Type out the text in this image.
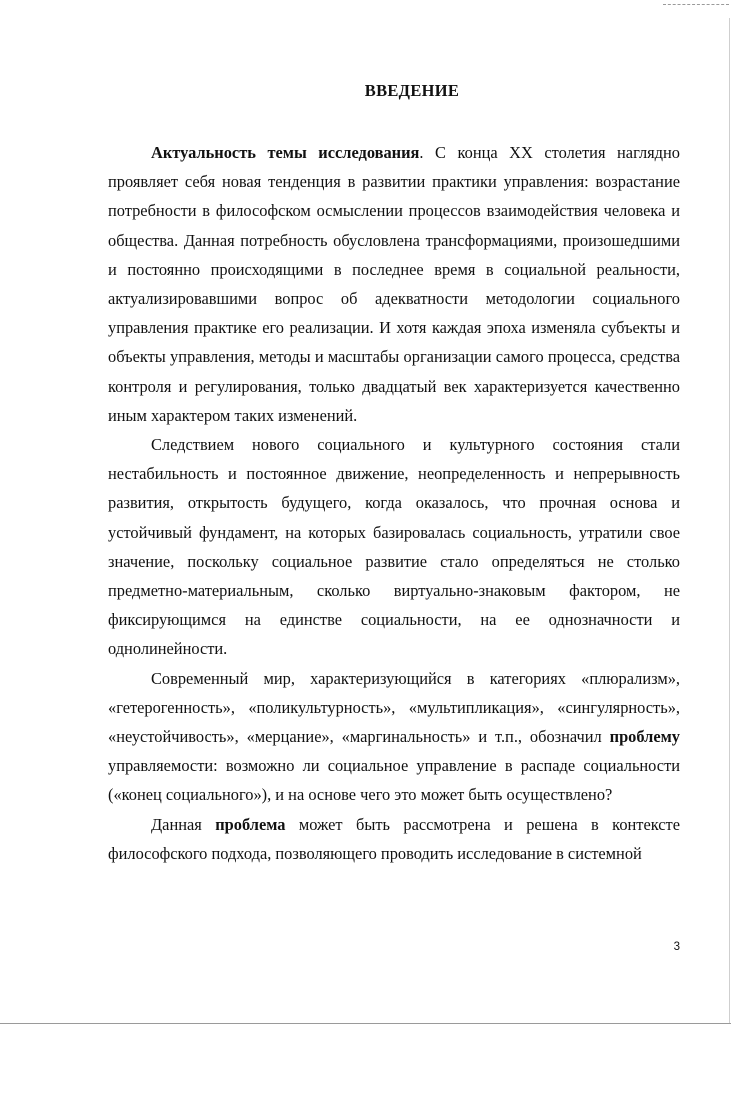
ВВЕДЕНИЕ

Актуальность темы исследования. С конца XX столетия наглядно проявляет себя новая тенденция в развитии практики управления: возрастание потребности в философском осмыслении процессов взаимодействия человека и общества. Данная потребность обусловлена трансформациями, произошедшими и постоянно происходящими в последнее время в социальной реальности, актуализировавшими вопрос об адекватности методологии социального управления практике его реализации. И хотя каждая эпоха изменяла субъекты и объекты управления, методы и масштабы организации самого процесса, средства контроля и регулирования, только двадцатый век характеризуется качественно иным характером таких изменений.

Следствием нового социального и культурного состояния стали нестабильность и постоянное движение, неопределенность и непрерывность развития, открытость будущего, когда оказалось, что прочная основа и устойчивый фундамент, на которых базировалась социальность, утратили свое значение, поскольку социальное развитие стало определяться не столько предметно-материальным, сколько виртуально-знаковым фактором, не фиксирующимся на единстве социальности, на ее однозначности и однолинейности.

Современный мир, характеризующийся в категориях «плюрализм», «гетерогенность», «поликультурность», «мультипликация», «сингулярность», «неустойчивость», «мерцание», «маргинальность» и т.п., обозначил проблему управляемости: возможно ли социальное управление в распаде социальности («конец социального»), и на основе чего это может быть осуществлено?

Данная проблема может быть рассмотрена и решена в контексте философского подхода, позволяющего проводить исследование в системной

3
